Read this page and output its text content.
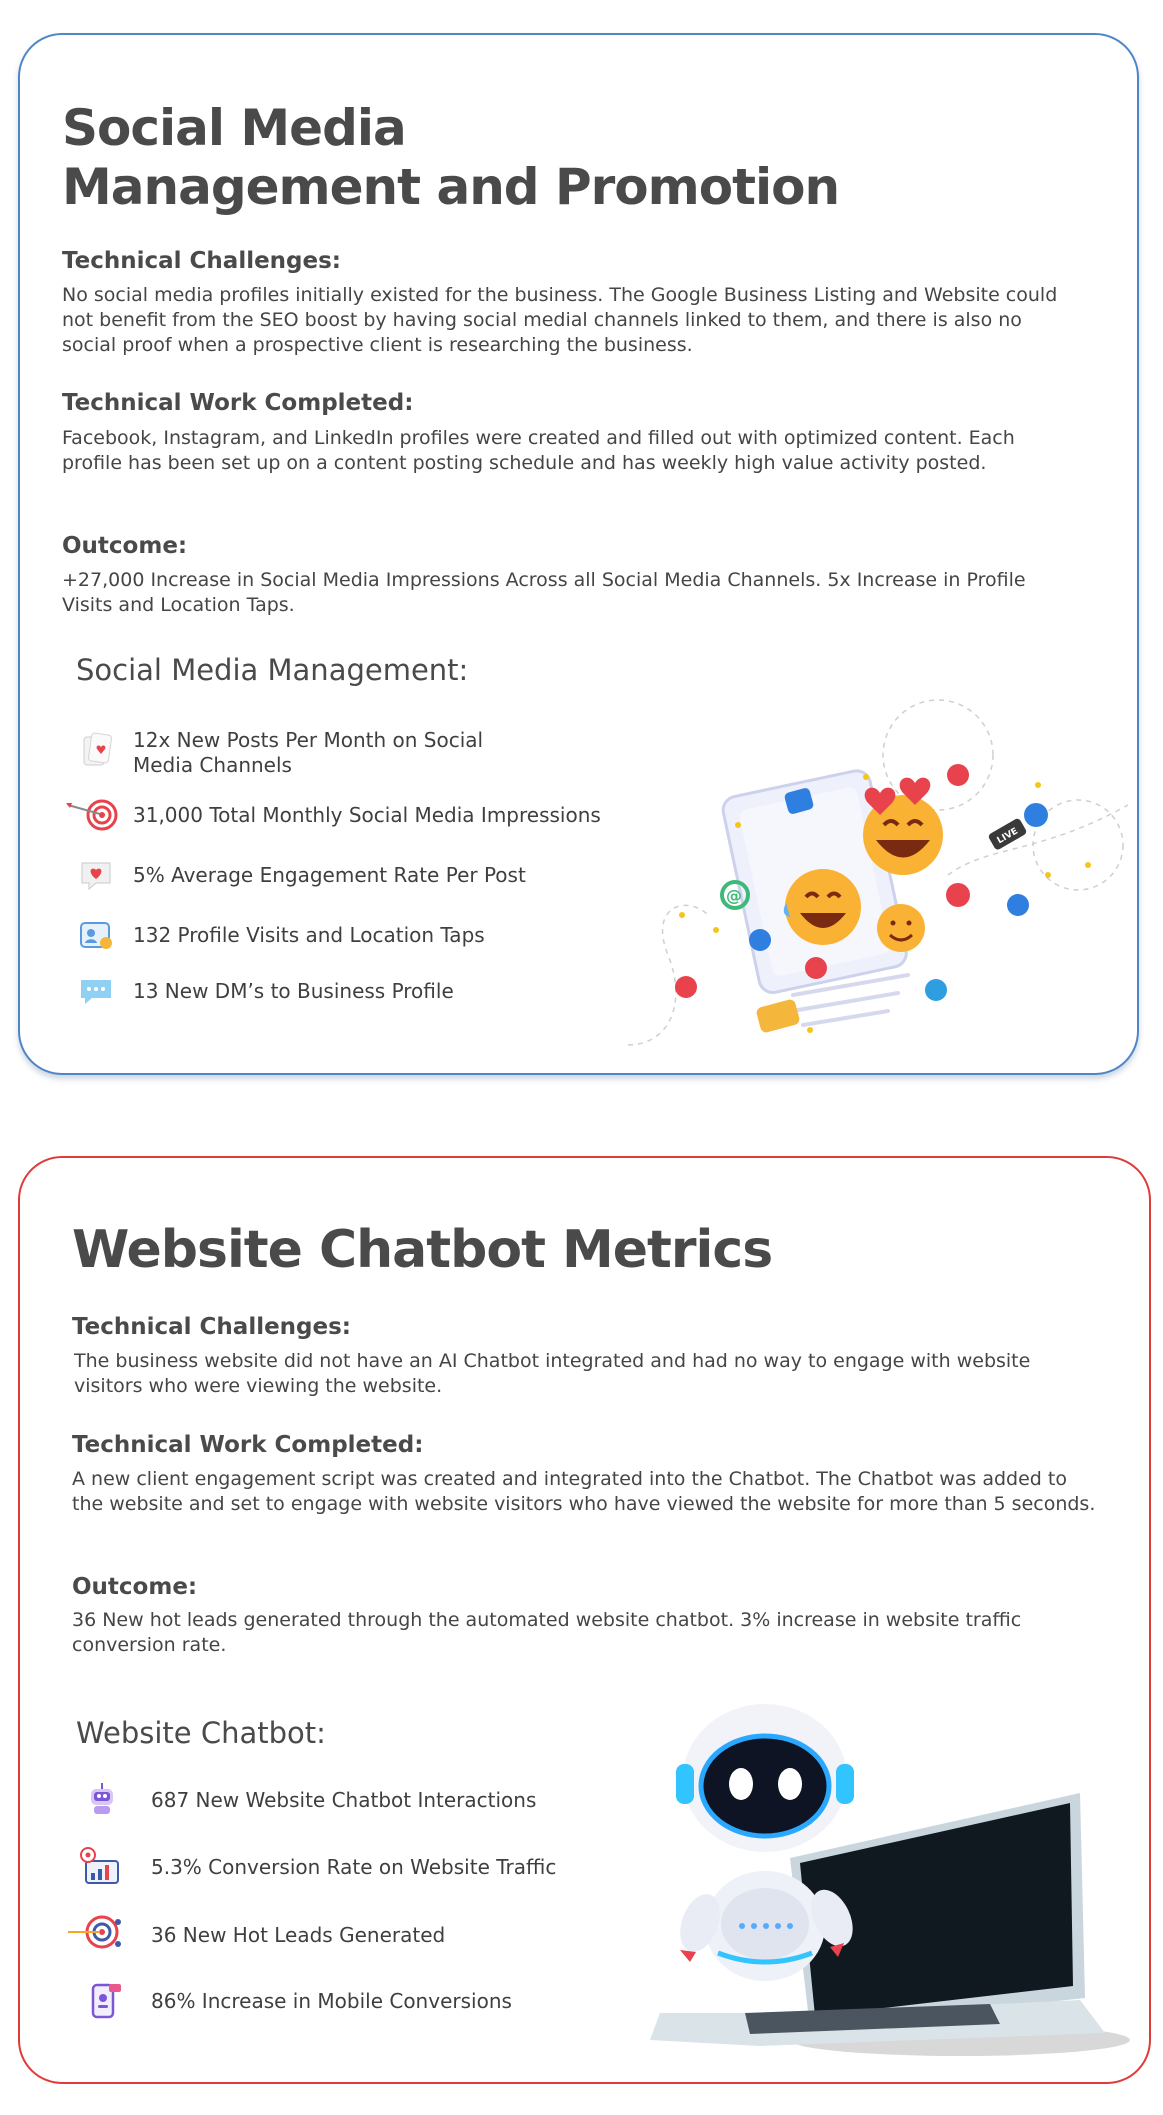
Social Media
Management and Promotion
Technical Challenges:

No social media profiles initially existed for the business. The Google Business Listing and Website could not benefit from the SEO boost by having social medial channels linked to them, and there is also no social proof when a prospective client is researching the business.

Technical Work Completed:

Facebook, Instagram, and LinkedIn profiles were created and filled out with optimized content. Each profile has been set up on a content posting schedule and has weekly high value activity posted.

Outcome:

+27,000 Increase in Social Media Impressions Across all Social Media Channels. 5x Increase in Profile Visits and Location Taps.

Social Media Management:
12x New Posts Per Month on Social Media Channels
31,000 Total Monthly Social Media Impressions
5% Average Engagement Rate Per Post
132 Profile Visits and Location Taps
13 New DM’s to Business Profile
@
LIVE
Website Chatbot Metrics
Technical Challenges:

The business website did not have an AI Chatbot integrated and had no way to engage with website visitors who were viewing the website.

Technical Work Completed:

A new client engagement script was created and integrated into the Chatbot. The Chatbot was added to the website and set to engage with website visitors who have viewed the website for more than 5 seconds.

Outcome:

36 New hot leads generated through the automated website chatbot. 3% increase in website traffic conversion rate.

Website Chatbot:
687 New Website Chatbot Interactions
5.3% Conversion Rate on Website Traffic
36 New Hot Leads Generated
86% Increase in Mobile Conversions
